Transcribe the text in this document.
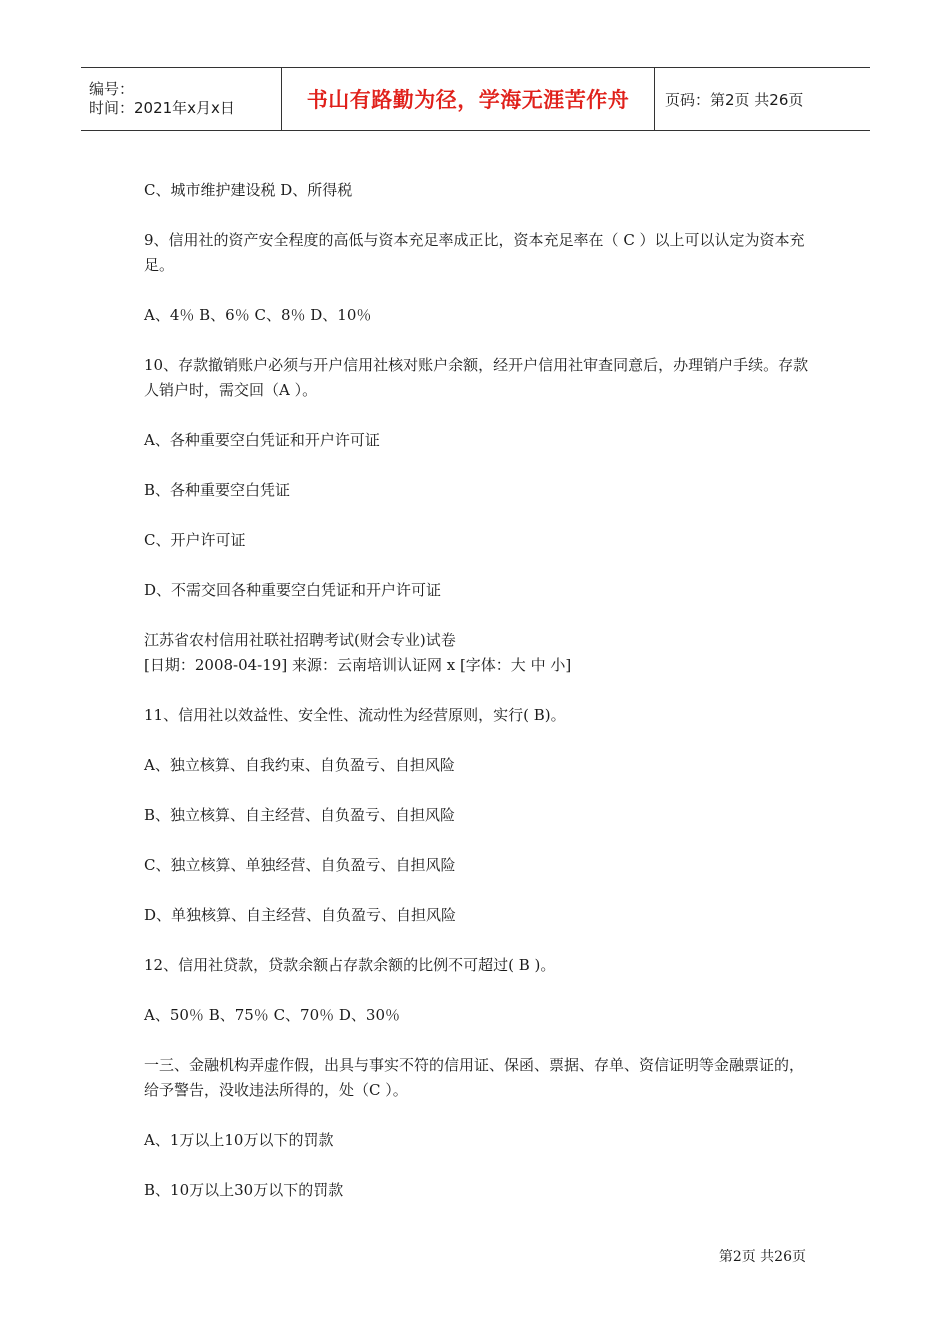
编号：
时间：2021年x月x日	书山有路勤为径，学海无涯苦作舟 页码：第2页 共26页

C、城市维护建设税 D、所得税

9、信用社的资产安全程度的高低与资本充足率成正比，资本充足率在（ C ）以上可以认定为资本充足。

A、4％ B、6％ C、8％ D、10％

10、存款撤销账户必须与开户信用社核对账户余额，经开户信用社审查同意后，办理销户手续。存款人销户时，需交回（A ）。

A、各种重要空白凭证和开户许可证

B、各种重要空白凭证

C、开户许可证

D、不需交回各种重要空白凭证和开户许可证

江苏省农村信用社联社招聘考试(财会专业)试卷
[日期：2008-04-19] 来源：云南培训认证网 x [字体：大 中 小]

11、信用社以效益性、安全性、流动性为经营原则，实行( B)。

A、独立核算、自我约束、自负盈亏、自担风险

B、独立核算、自主经营、自负盈亏、自担风险

C、独立核算、单独经营、自负盈亏、自担风险

D、单独核算、自主经营、自负盈亏、自担风险

12、信用社贷款，贷款余额占存款余额的比例不可超过( B )。

A、50％ B、75％ C、70％ D、30％

一三、金融机构弄虚作假，出具与事实不符的信用证、保函、票据、存单、资信证明等金融票证的，给予警告，没收违法所得的，处（C ）。

A、1万以上10万以下的罚款

B、10万以上30万以下的罚款

第2页 共26页
